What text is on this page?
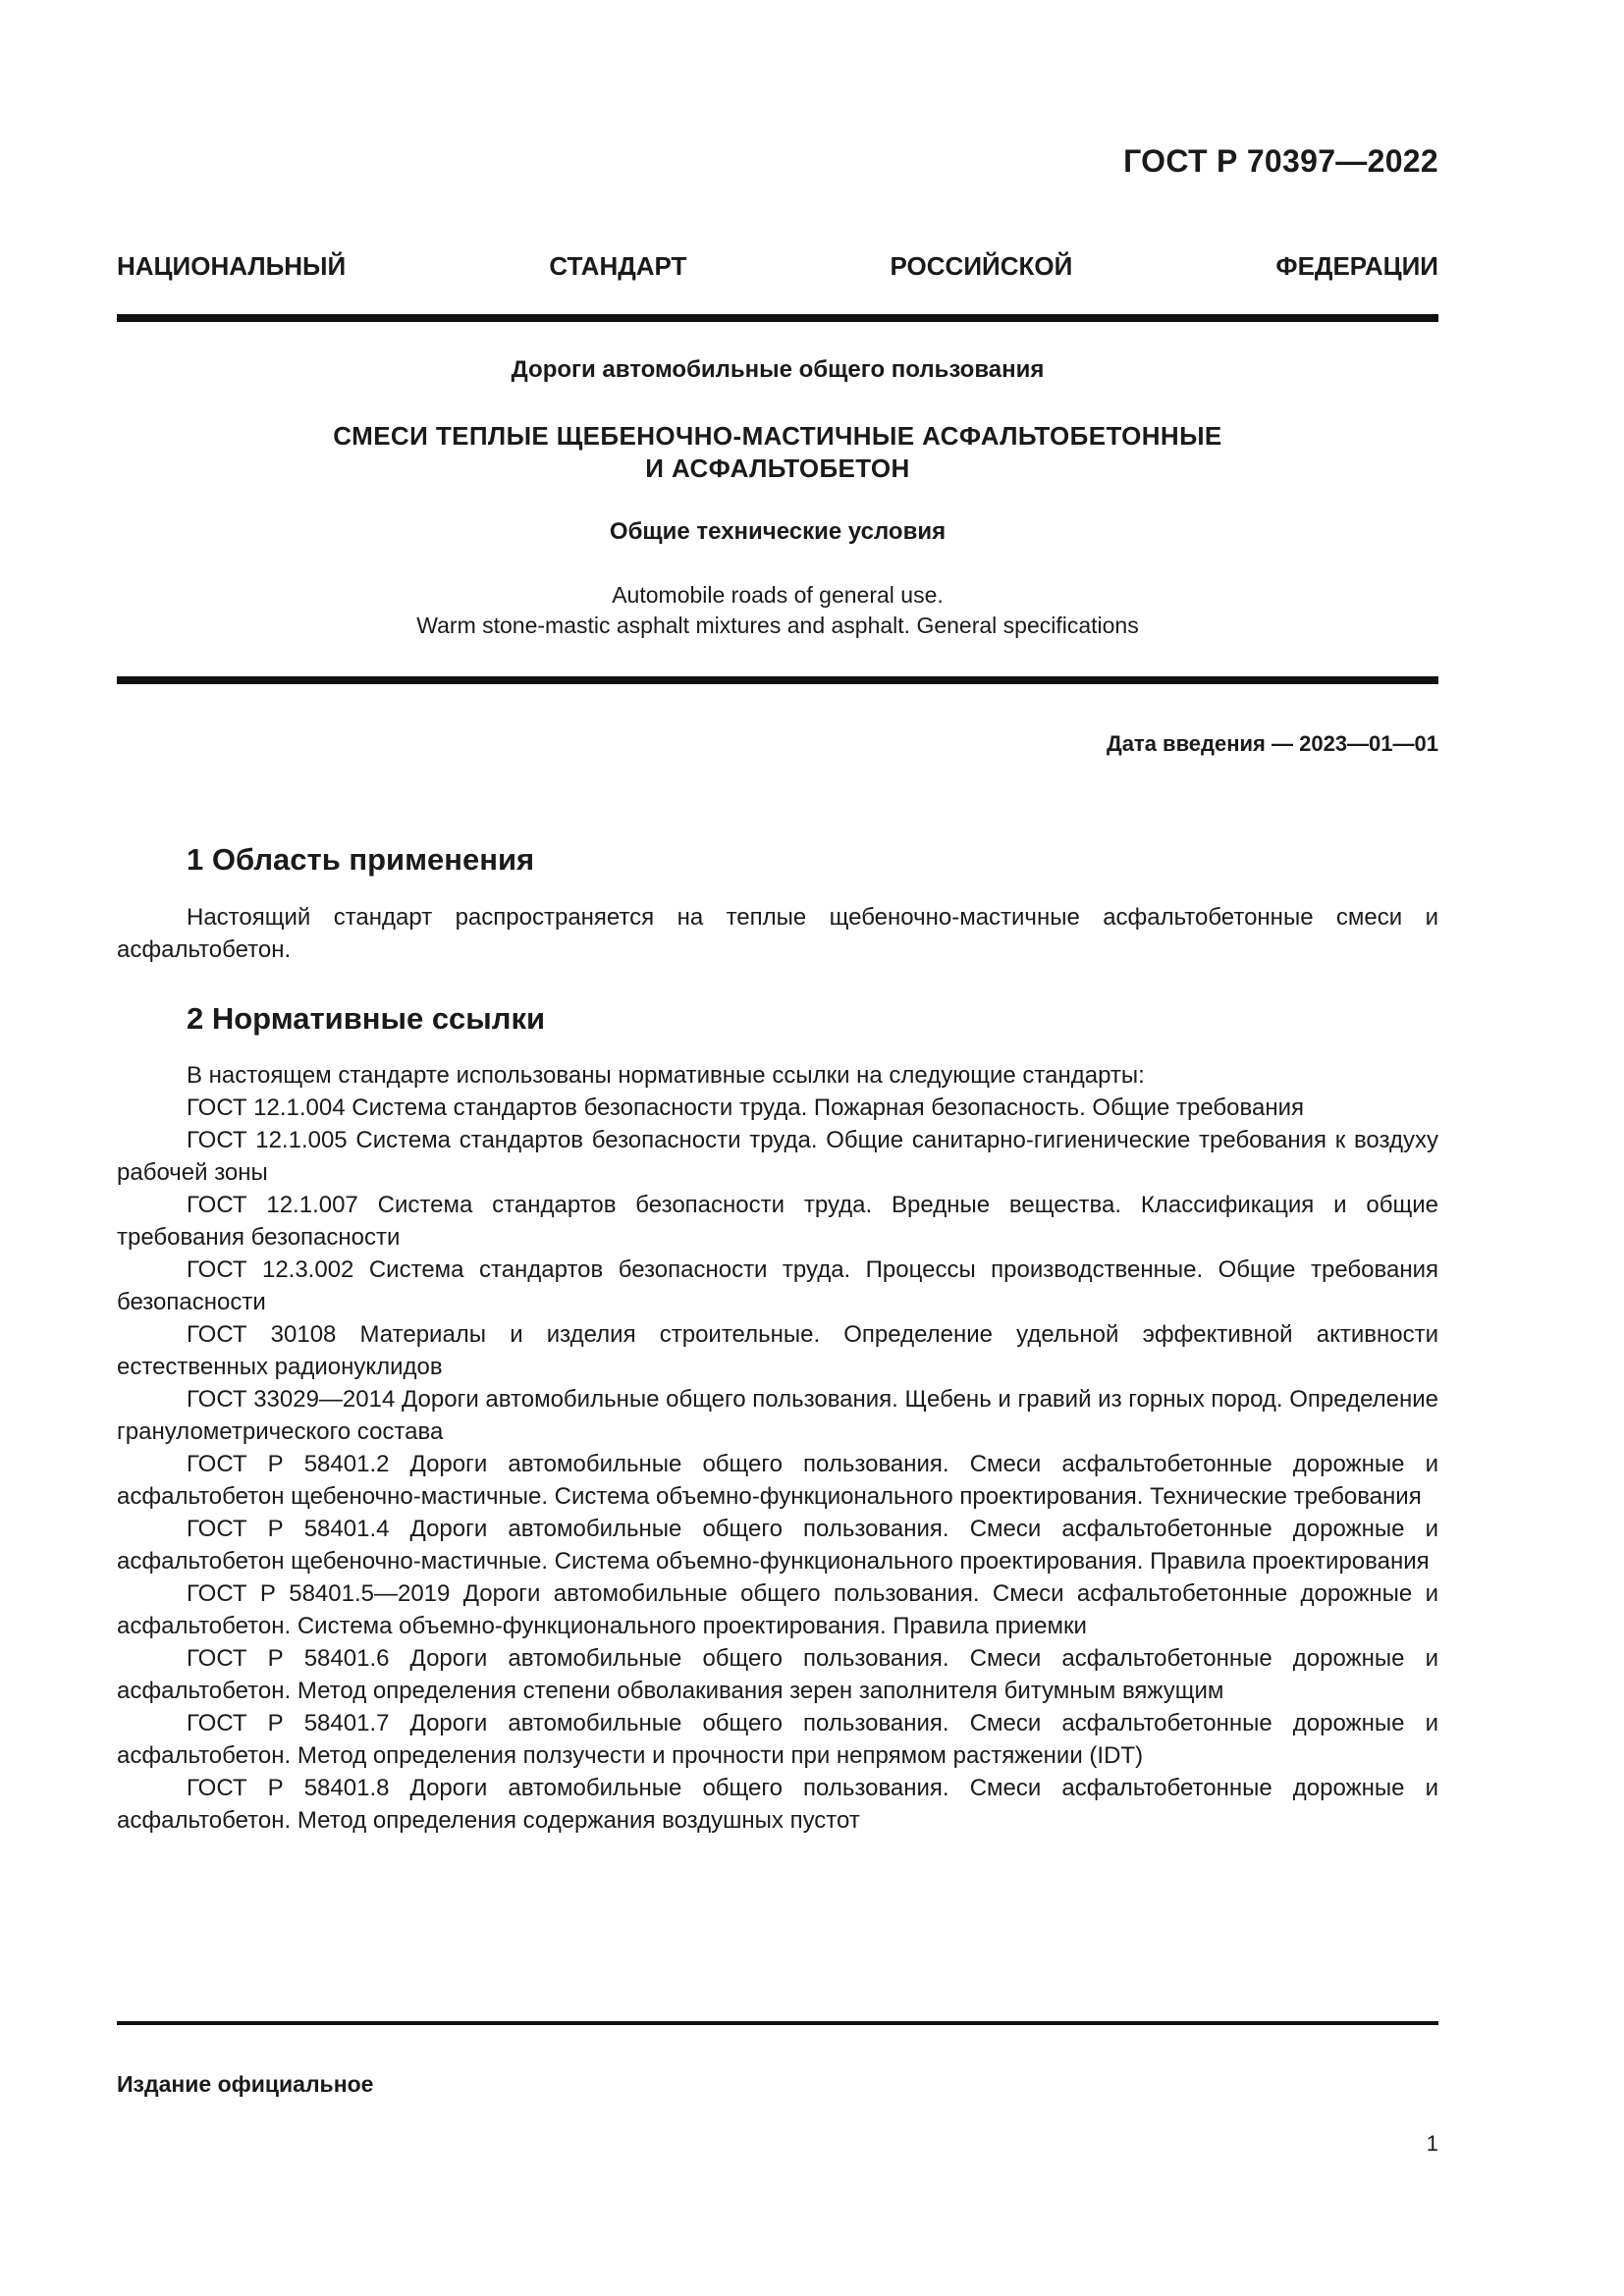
ГОСТ Р 70397—2022
НАЦИОНАЛЬНЫЙ	СТАНДАРТ	РОССИЙСКОЙ	ФЕДЕРАЦИИ
Дороги автомобильные общего пользования
СМЕСИ ТЕПЛЫЕ ЩЕБЕНОЧНО-МАСТИЧНЫЕ АСФАЛЬТОБЕТОННЫЕ
И АСФАЛЬТОБЕТОН
Общие технические условия
Automobile roads of general use.
Warm stone-mastic asphalt mixtures and asphalt. General specifications
Дата введения — 2023—01—01
1 Область применения

Настоящий стандарт распространяется на теплые щебеночно-мастичные асфальтобетонные смеси и асфальтобетон.

2 Нормативные ссылки

В настоящем стандарте использованы нормативные ссылки на следующие стандарты:

ГОСТ 12.1.004 Система стандартов безопасности труда. Пожарная безопасность. Общие требования

ГОСТ 12.1.005 Система стандартов безопасности труда. Общие санитарно-гигиенические требования к воздуху рабочей зоны

ГОСТ 12.1.007 Система стандартов безопасности труда. Вредные вещества. Классификация и общие требования безопасности

ГОСТ 12.3.002 Система стандартов безопасности труда. Процессы производственные. Общие требования безопасности

ГОСТ 30108 Материалы и изделия строительные. Определение удельной эффективной активности естественных радионуклидов

ГОСТ 33029—2014 Дороги автомобильные общего пользования. Щебень и гравий из горных пород. Определение гранулометрического состава

ГОСТ Р 58401.2 Дороги автомобильные общего пользования. Смеси асфальтобетонные дорожные и асфальтобетон щебеночно-мастичные. Система объемно-функционального проектирования. Технические требования

ГОСТ Р 58401.4 Дороги автомобильные общего пользования. Смеси асфальтобетонные дорожные и асфальтобетон щебеночно-мастичные. Система объемно-функционального проектирования. Правила проектирования

ГОСТ Р 58401.5—2019 Дороги автомобильные общего пользования. Смеси асфальтобетонные дорожные и асфальтобетон. Система объемно-функционального проектирования. Правила приемки

ГОСТ Р 58401.6 Дороги автомобильные общего пользования. Смеси асфальтобетонные дорожные и асфальтобетон. Метод определения степени обволакивания зерен заполнителя битумным вяжущим

ГОСТ Р 58401.7 Дороги автомобильные общего пользования. Смеси асфальтобетонные дорожные и асфальтобетон. Метод определения ползучести и прочности при непрямом растяжении (IDT)

ГОСТ Р 58401.8 Дороги автомобильные общего пользования. Смеси асфальтобетонные дорожные и асфальтобетон. Метод определения содержания воздушных пустот

Издание официальное
1
